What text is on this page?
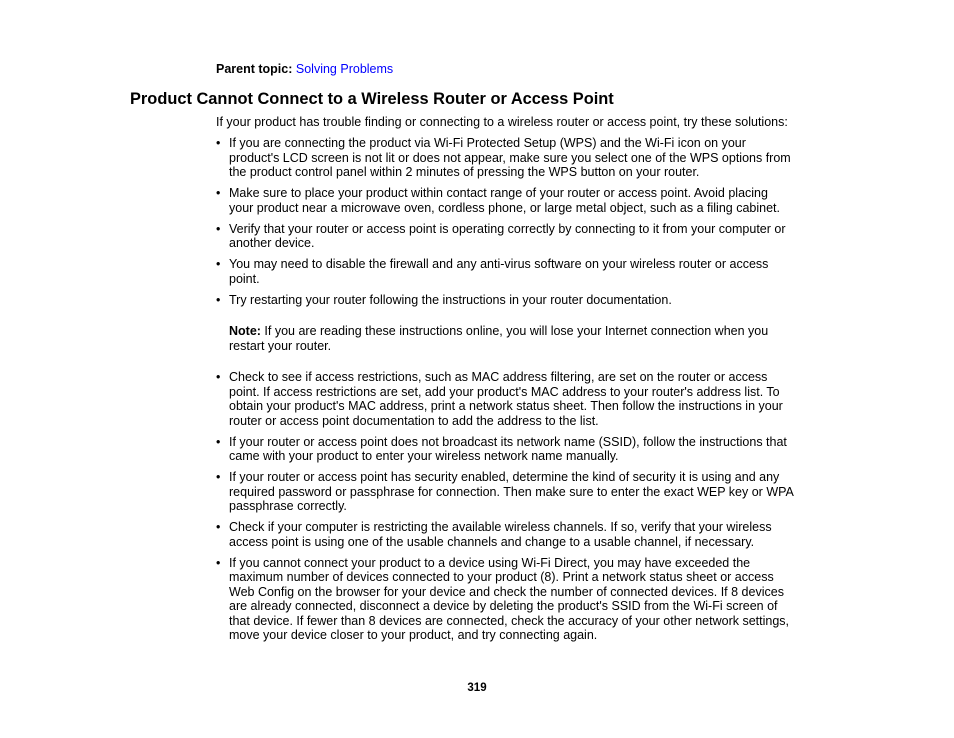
Parent topic: Solving Problems
Product Cannot Connect to a Wireless Router or Access Point

If your product has trouble finding or connecting to a wireless router or access point, try these solutions:

• If you are connecting the product via Wi-Fi Protected Setup (WPS) and the Wi-Fi icon on your
product's LCD screen is not lit or does not appear, make sure you select one of the WPS options from
the product control panel within 2 minutes of pressing the WPS button on your router.
• Make sure to place your product within contact range of your router or access point. Avoid placing
your product near a microwave oven, cordless phone, or large metal object, such as a filing cabinet.
• Verify that your router or access point is operating correctly by connecting to it from your computer or
another device.
• You may need to disable the firewall and any anti-virus software on your wireless router or access
point.
• Try restarting your router following the instructions in your router documentation.
Note: If you are reading these instructions online, you will lose your Internet connection when you
restart your router.
• Check to see if access restrictions, such as MAC address filtering, are set on the router or access
point. If access restrictions are set, add your product's MAC address to your router's address list. To
obtain your product's MAC address, print a network status sheet. Then follow the instructions in your
router or access point documentation to add the address to the list.
• If your router or access point does not broadcast its network name (SSID), follow the instructions that
came with your product to enter your wireless network name manually.
• If your router or access point has security enabled, determine the kind of security it is using and any
required password or passphrase for connection. Then make sure to enter the exact WEP key or WPA
passphrase correctly.
• Check if your computer is restricting the available wireless channels. If so, verify that your wireless
access point is using one of the usable channels and change to a usable channel, if necessary.
• If you cannot connect your product to a device using Wi-Fi Direct, you may have exceeded the
maximum number of devices connected to your product (8). Print a network status sheet or access
Web Config on the browser for your device and check the number of connected devices. If 8 devices
are already connected, disconnect a device by deleting the product's SSID from the Wi-Fi screen of
that device. If fewer than 8 devices are connected, check the accuracy of your other network settings,
move your device closer to your product, and try connecting again.
319
